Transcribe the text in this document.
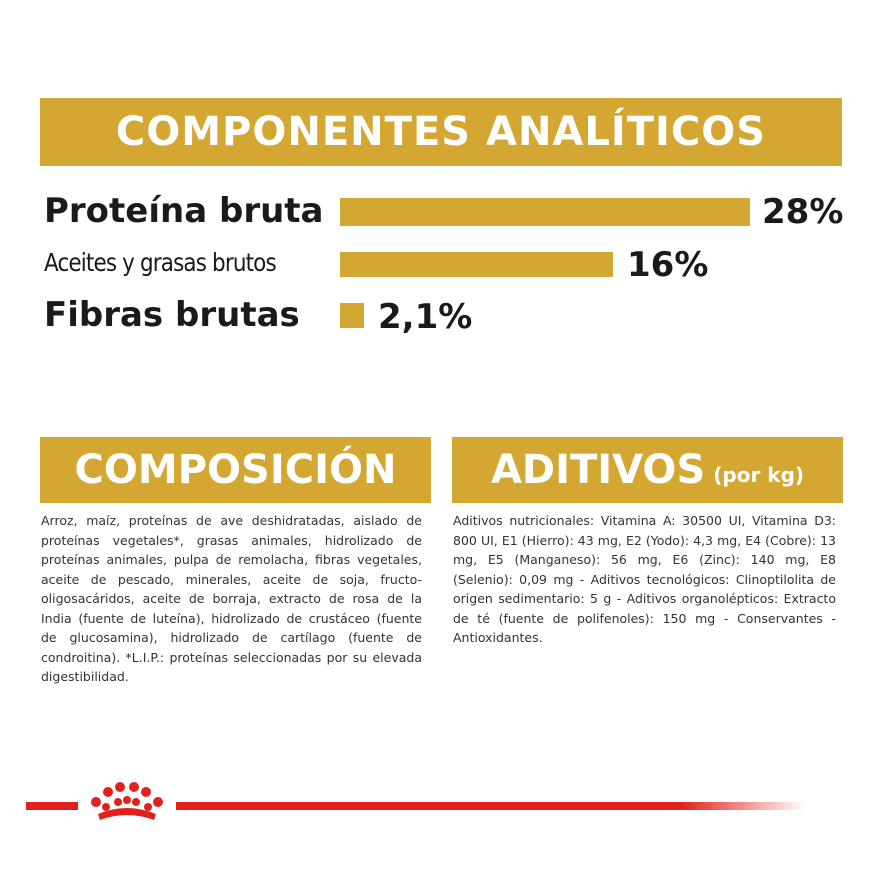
COMPONENTES ANALÍTICOS
Proteína bruta	28%
Aceites y grasas brutos	16%
Fibras brutas 2,1%
COMPOSICIÓN
Arroz, maíz, proteínas de ave deshidratadas, aislado de proteínas vegetales*, grasas animales, hidrolizado de proteínas animales, pulpa de remolacha, fibras vegetales, aceite de pescado, minerales, aceite de soja, fructo-oligosacáridos, aceite de borraja, extracto de rosa de la India (fuente de luteína), hidrolizado de crustáceo (fuente de glucosamina), hidrolizado de cartílago (fuente de condroitina). *L.I.P.: proteínas seleccionadas por su elevada digestibilidad.
ADITIVOS (por kg)
Aditivos nutricionales: Vitamina A: 30500 UI, Vitamina D3: 800 UI, E1 (Hierro): 43 mg, E2 (Yodo): 4,3 mg, E4 (Cobre): 13 mg, E5 (Manganeso): 56 mg, E6 (Zinc): 140 mg, E8 (Selenio): 0,09 mg - Aditivos tecnológicos: Clinoptilolita de origen sedimentario: 5 g - Aditivos organolépticos: Extracto de té (fuente de polifenoles): 150 mg - Conservantes - Antioxidantes.
